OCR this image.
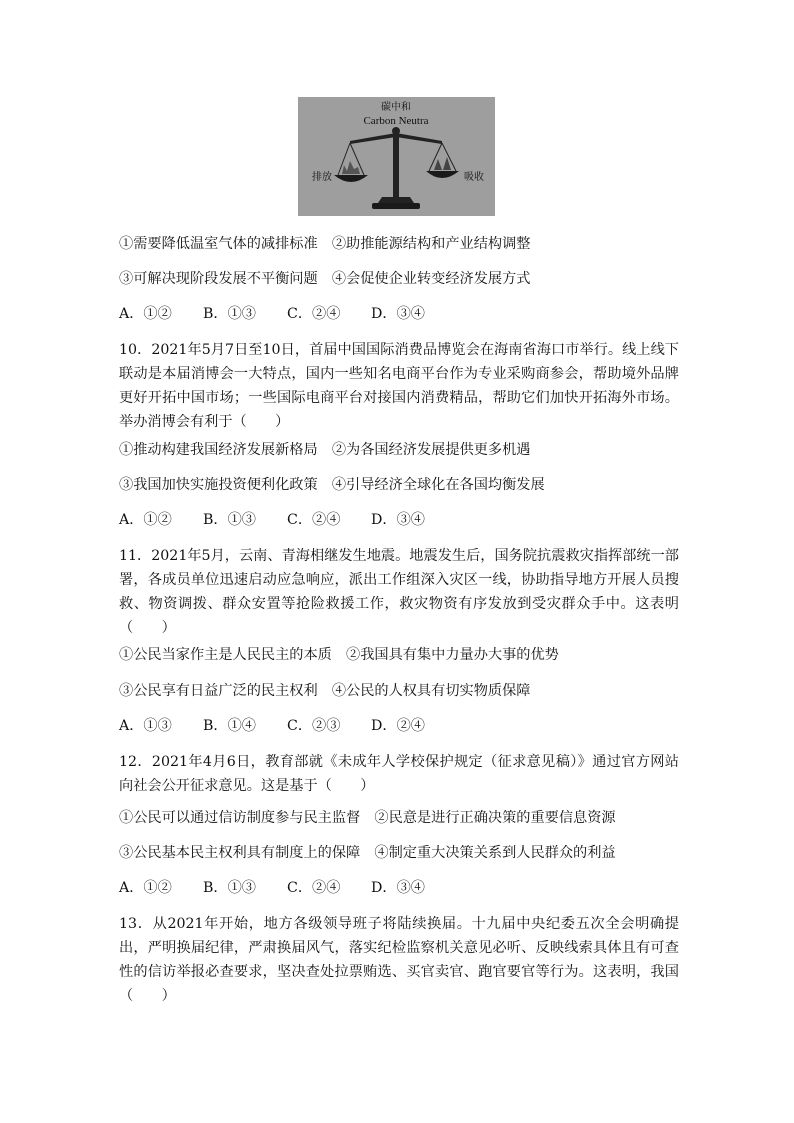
碳中和
Carbon Neutra
排放	吸收
①需要降低温室气体的减排标准　②助推能源结构和产业结构调整
③可解决现阶段发展不平衡问题　④会促使企业转变经济发展方式
A．①② B．①③ C．②④ D．③④
10．2021年5月7日至10日，首届中国国际消费品博览会在海南省海口市举行。线上线下联动是本届消博会一大特点，国内一些知名电商平台作为专业采购商参会，帮助境外品牌更好开拓中国市场；一些国际电商平台对接国内消费精品，帮助它们加快开拓海外市场。举办消博会有利于（　　）
①推动构建我国经济发展新格局　②为各国经济发展提供更多机遇
③我国加快实施投资便利化政策　④引导经济全球化在各国均衡发展
A．①② B．①③ C．②④ D．③④
11．2021年5月，云南、青海相继发生地震。地震发生后，国务院抗震救灾指挥部统一部署，各成员单位迅速启动应急响应，派出工作组深入灾区一线，协助指导地方开展人员搜救、物资调拨、群众安置等抢险救援工作，救灾物资有序发放到受灾群众手中。这表明（　　）
①公民当家作主是人民民主的本质　②我国具有集中力量办大事的优势
③公民享有日益广泛的民主权利　④公民的人权具有切实物质保障
A．①③ B．①④ C．②③ D．②④
12．2021年4月6日，教育部就《未成年人学校保护规定（征求意见稿）》通过官方网站向社会公开征求意见。这是基于（　　）
①公民可以通过信访制度参与民主监督　②民意是进行正确决策的重要信息资源
③公民基本民主权利具有制度上的保障　④制定重大决策关系到人民群众的利益
A．①② B．①③ C．②④ D．③④
13．从2021年开始，地方各级领导班子将陆续换届。十九届中央纪委五次全会明确提出，严明换届纪律，严肃换届风气，落实纪检监察机关意见必听、反映线索具体且有可查性的信访举报必查要求，坚决查处拉票贿选、买官卖官、跑官要官等行为。这表明，我国（　　）
